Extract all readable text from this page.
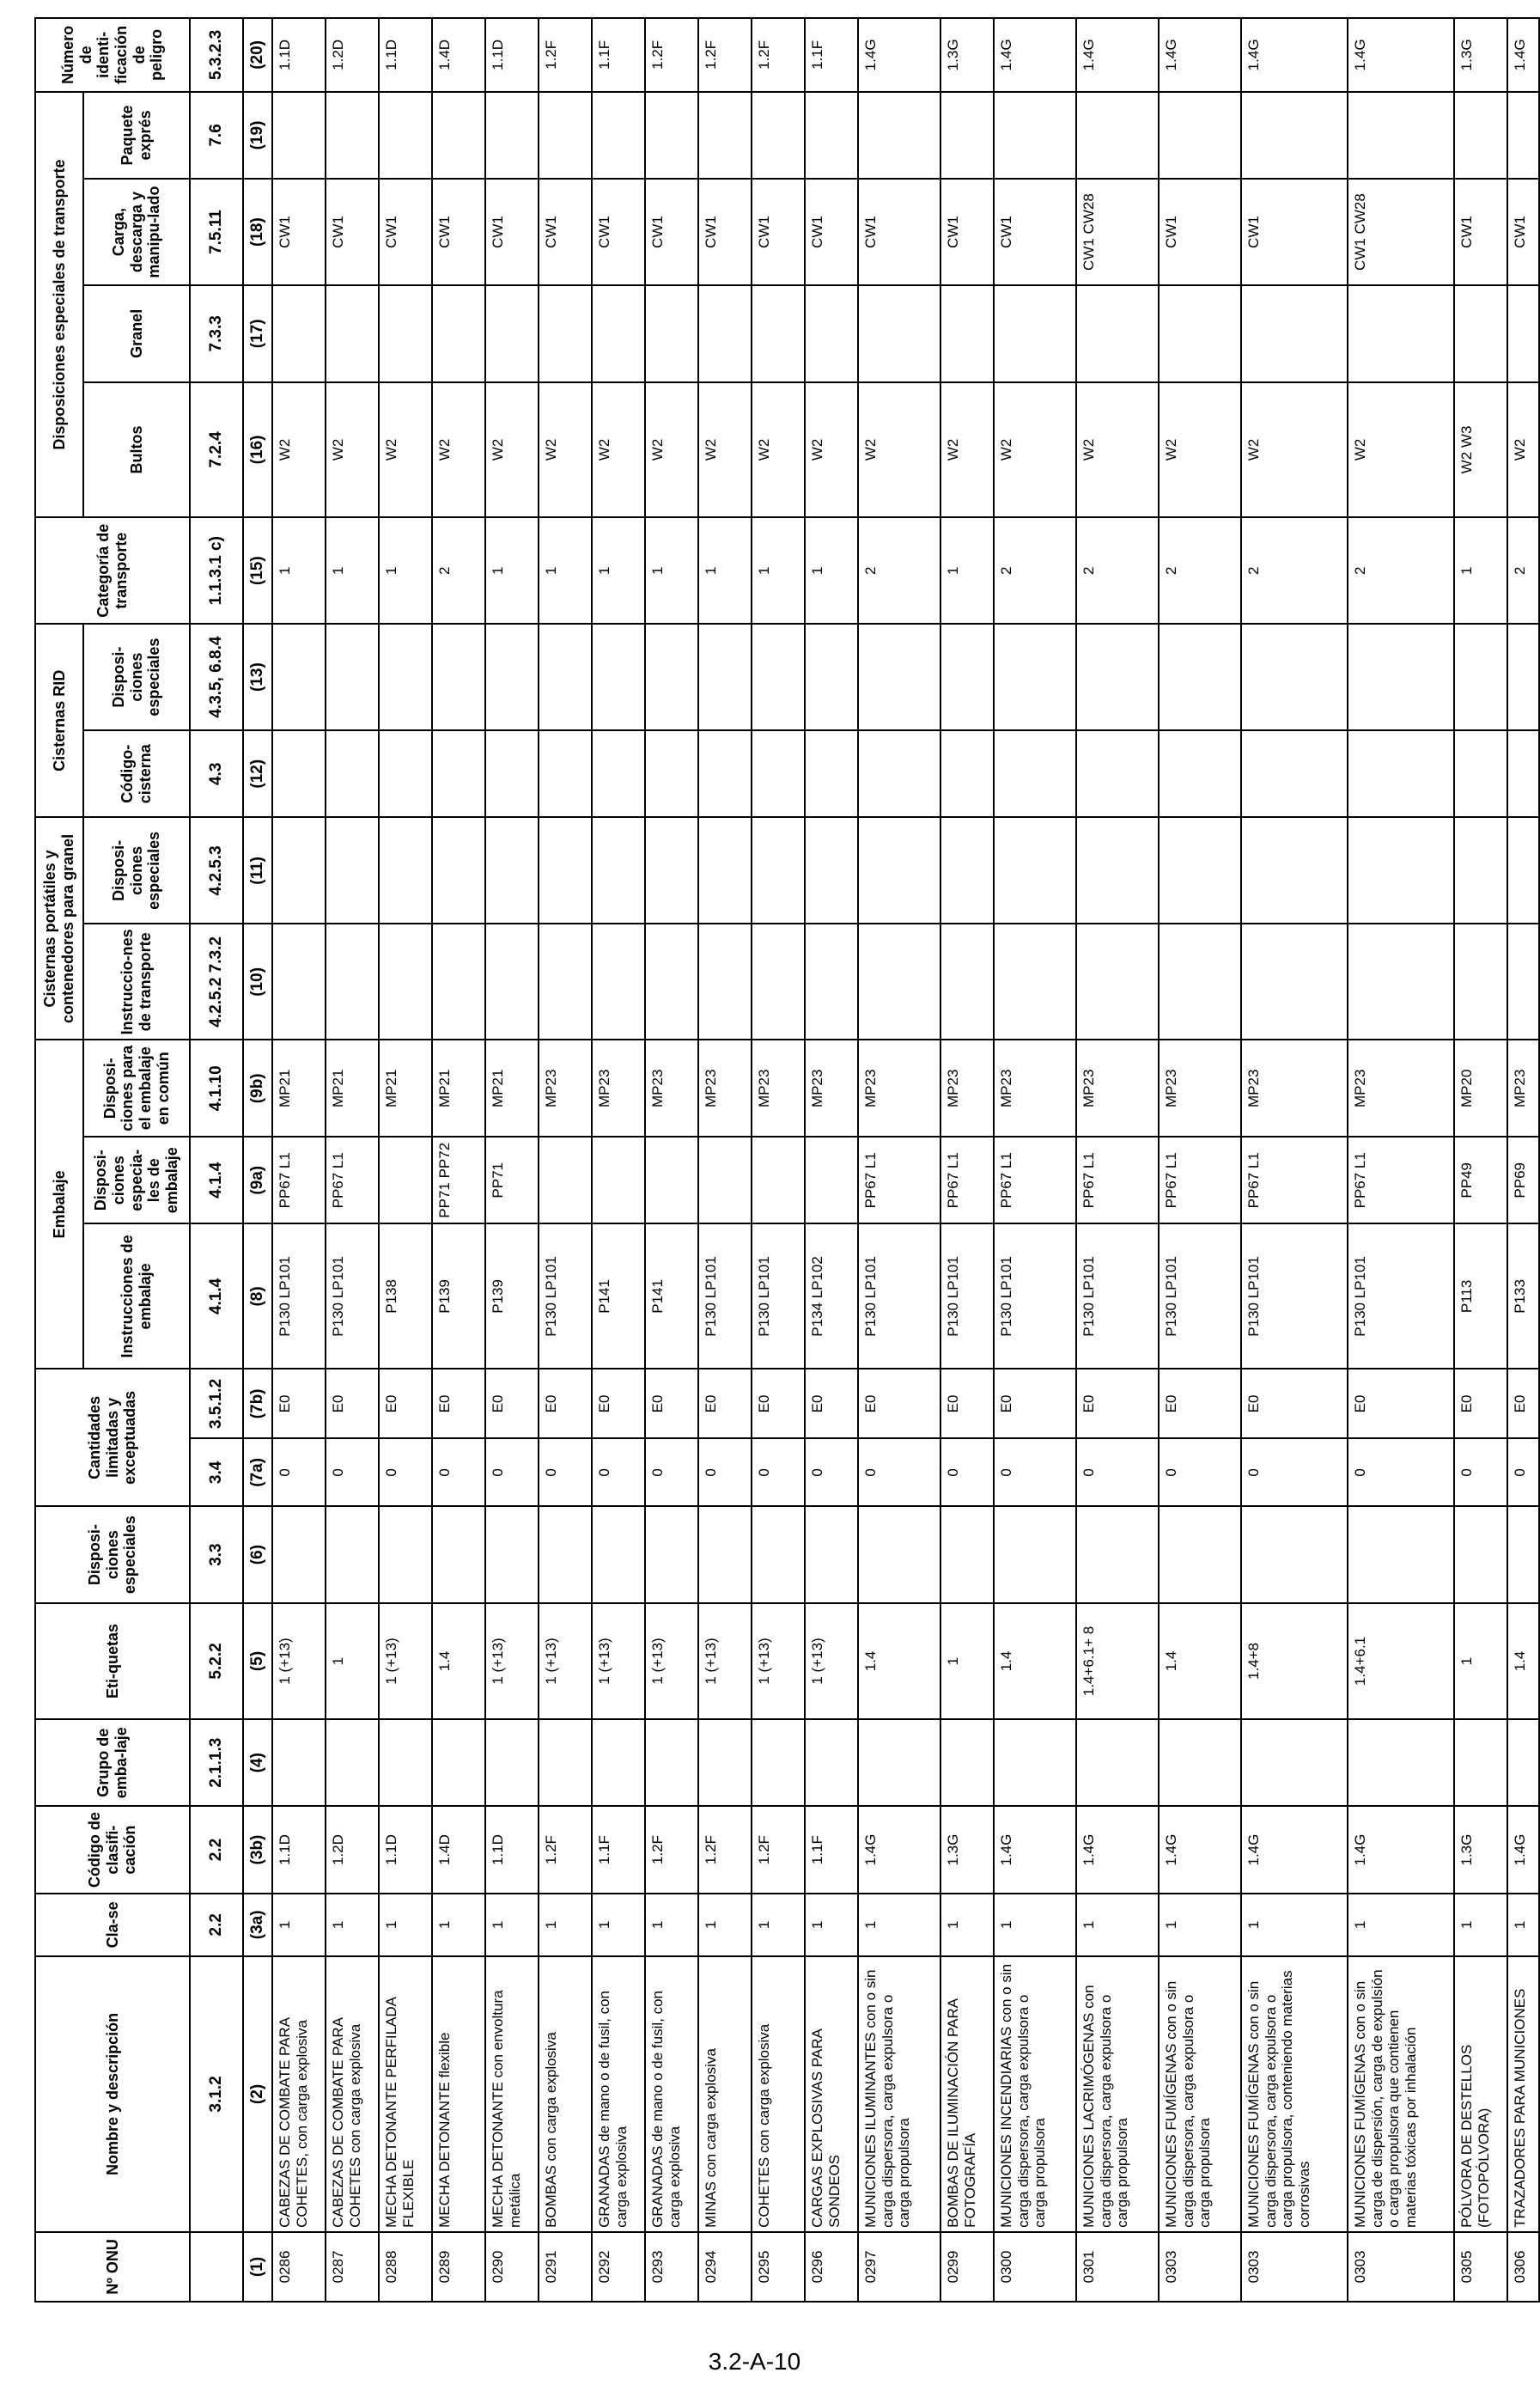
Nº ONU	Nombre y descripción	Cla-se	Código de clasifi-cación	Grupo de emba-laje	Eti-quetas	Disposi-ciones especiales	Cantidades limitadas y exceptuadas		Embalaje			Cisternas portátiles y contenedores para granel		Cisternas RID		Categoría de transporte	Disposiciones especiales de transporte				Número de identi-ficación de peligro
									Instrucciones de embalaje	Disposi-ciones especia-les de embalaje	Disposi-ciones para el embalaje en común	Instruccio-nes de transporte	Disposi-ciones especiales	Código-cisterna	Disposi-ciones especiales		Bultos	Granel	Carga, descarga y manipu-lado	Paquete exprés	
	3.1.2	2.2	2.2	2.1.1.3	5.2.2	3.3	3.4	3.5.1.2	4.1.4	4.1.4	4.1.10	4.2.5.2 7.3.2	4.2.5.3	4.3	4.3.5, 6.8.4	1.1.3.1 c)	7.2.4	7.3.3	7.5.11	7.6	5.3.2.3
(1)	(2)	(3a)	(3b)	(4)	(5)	(6)	(7a)	(7b)	(8)	(9a)	(9b)	(10)	(11)	(12)	(13)	(15)	(16)	(17)	(18)	(19)	(20)
0286	CABEZAS DE COMBATE PARA COHETES, con carga explosiva	1	1.1D		1 (+13)		0	E0	P130 LP101	PP67 L1	MP21					1	W2		CW1		1.1D
0287	CABEZAS DE COMBATE PARA COHETES con carga explosiva	1	1.2D		1		0	E0	P130 LP101	PP67 L1	MP21					1	W2		CW1		1.2D
0288	MECHA DETONANTE PERFILADA FLEXIBLE	1	1.1D		1 (+13)		0	E0	P138		MP21					1	W2		CW1		1.1D
0289	MECHA DETONANTE flexible	1	1.4D		1.4		0	E0	P139	PP71 PP72	MP21					2	W2		CW1		1.4D
0290	MECHA DETONANTE con envoltura metálica	1	1.1D		1 (+13)		0	E0	P139	PP71	MP21					1	W2		CW1		1.1D
0291	BOMBAS con carga explosiva	1	1.2F		1 (+13)		0	E0	P130 LP101		MP23					1	W2		CW1		1.2F
0292	GRANADAS de mano o de fusil, con carga explosiva	1	1.1F		1 (+13)		0	E0	P141		MP23					1	W2		CW1		1.1F
0293	GRANADAS de mano o de fusil, con carga explosiva	1	1.2F		1 (+13)		0	E0	P141		MP23					1	W2		CW1		1.2F
0294	MINAS con carga explosiva	1	1.2F		1 (+13)		0	E0	P130 LP101		MP23					1	W2		CW1		1.2F
0295	COHETES con carga explosiva	1	1.2F		1 (+13)		0	E0	P130 LP101		MP23					1	W2		CW1		1.2F
0296	CARGAS EXPLOSIVAS PARA SONDEOS	1	1.1F		1 (+13)		0	E0	P134 LP102		MP23					1	W2		CW1		1.1F
0297	MUNICIONES ILUMINANTES con o sin carga dispersora, carga expulsora o carga propulsora	1	1.4G		1.4		0	E0	P130 LP101	PP67 L1	MP23					2	W2		CW1		1.4G
0299	BOMBAS DE ILUMINACIÓN PARA FOTOGRAFÍA	1	1.3G		1		0	E0	P130 LP101	PP67 L1	MP23					1	W2		CW1		1.3G
0300	MUNICIONES INCENDIARIAS con o sin carga dispersora, carga expulsora o carga propulsora	1	1.4G		1.4		0	E0	P130 LP101	PP67 L1	MP23					2	W2		CW1		1.4G
0301	MUNICIONES LACRIMÓGENAS con carga dispersora, carga expulsora o carga propulsora	1	1.4G		1.4+6.1+ 8		0	E0	P130 LP101	PP67 L1	MP23					2	W2		CW1 CW28		1.4G
0303	MUNICIONES FUMÍGENAS con o sin carga dispersora, carga expulsora o carga propulsora	1	1.4G		1.4		0	E0	P130 LP101	PP67 L1	MP23					2	W2		CW1		1.4G
0303	MUNICIONES FUMÍGENAS con o sin carga dispersora, carga expulsora o carga propulsora, conteniendo materias corrosivas	1	1.4G		1.4+8		0	E0	P130 LP101	PP67 L1	MP23					2	W2		CW1		1.4G
0303	MUNICIONES FUMÍGENAS con o sin carga de dispersión, carga de expulsión o carga propulsora que contienen materias tóxicas por inhalación	1	1.4G		1.4+6.1		0	E0	P130 LP101	PP67 L1	MP23					2	W2		CW1 CW28		1.4G
0305	PÓLVORA DE DESTELLOS (FOTOPÓLVORA)	1	1.3G		1		0	E0	P113	PP49	MP20					1	W2 W3		CW1		1.3G
0306	TRAZADORES PARA MUNICIONES	1	1.4G		1.4		0	E0	P133	PP69	MP23					2	W2		CW1		1.4G
3.2-A-10
